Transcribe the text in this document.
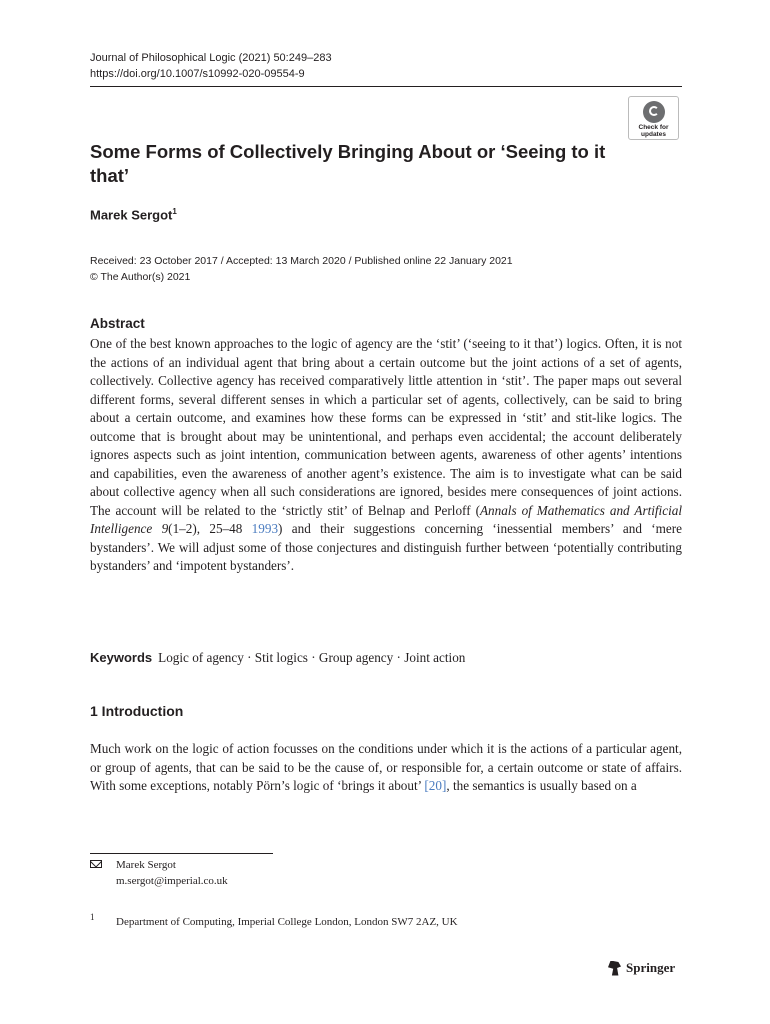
Journal of Philosophical Logic (2021) 50:249–283
https://doi.org/10.1007/s10992-020-09554-9
Check for
updates
Some Forms of Collectively Bringing About or ‘Seeing to it that’
Marek Sergot$^1$
Received: 23 October 2017 / Accepted: 13 March 2020 / Published online 22 January 2021
© The Author(s) 2021
Abstract

One of the best known approaches to the logic of agency are the ‘stit’ (‘seeing to it that’) logics. Often, it is not the actions of an individual agent that bring about a certain outcome but the joint actions of a set of agents, collectively. Collective agency has received comparatively little attention in ‘stit’. The paper maps out several different forms, several different senses in which a particular set of agents, collectively, can be said to bring about a certain outcome, and examines how these forms can be expressed in ‘stit’ and stit-like logics. The outcome that is brought about may be unintentional, and perhaps even accidental; the account deliberately ignores aspects such as joint intention, communication between agents, awareness of other agents’ intentions and capabilities, even the awareness of another agent’s existence. The aim is to investigate what can be said about collective agency when all such considerations are ignored, besides mere consequences of joint actions. The account will be related to the ‘strictly stit’ of Belnap and Perloff (Annals of Mathematics and Artificial Intelligence 9(1–2), 25–48 1993) and their suggestions concerning ‘inessential members’ and ‘mere bystanders’. We will adjust some of those conjectures and distinguish further between ‘potentially contributing bystanders’ and ‘impotent bystanders’.

Keywords Logic of agency · Stit logics · Group agency · Joint action
1 Introduction

Much work on the logic of action focusses on the conditions under which it is the actions of a particular agent, or group of agents, that can be said to be the cause of, or responsible for, a certain outcome or state of affairs. With some exceptions, notably Pörn’s logic of ‘brings it about’ [20], the semantics is usually based on a

Marek Sergot
m.sergot@imperial.co.uk
1 Department of Computing, Imperial College London, London SW7 2AZ, UK
Springer
